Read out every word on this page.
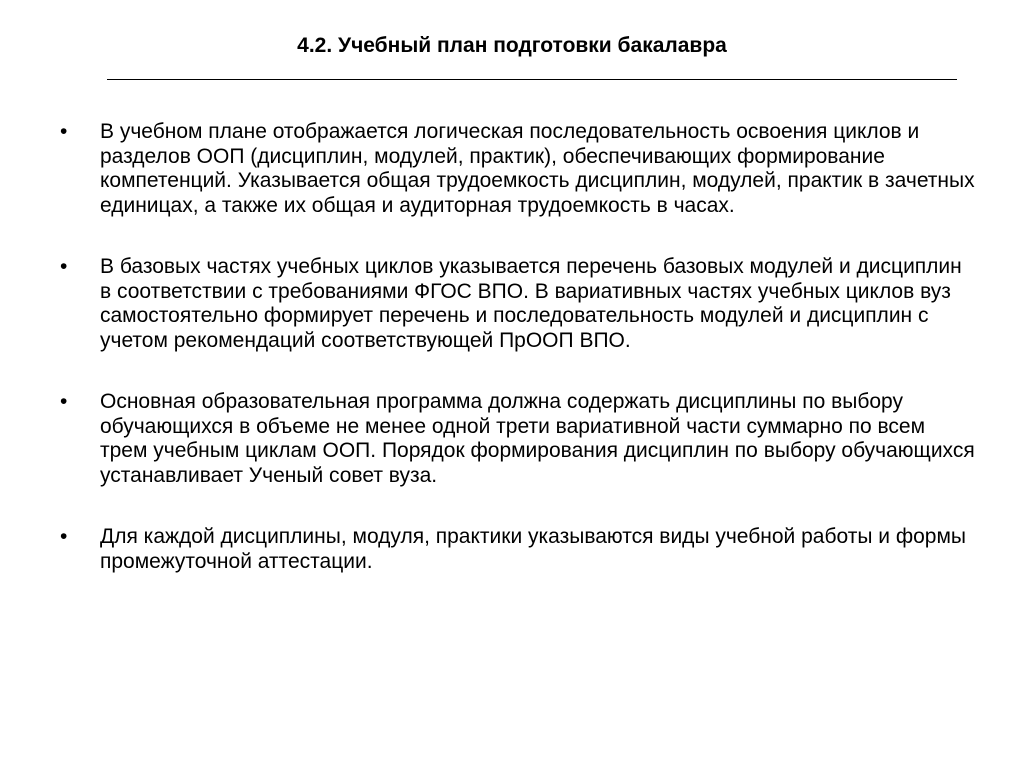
4.2. Учебный план подготовки бакалавра
• В учебном плане отображается логическая последовательность освоения циклов и разделов ООП (дисциплин, модулей, практик), обеспечивающих формирование компетенций. Указывается общая трудоемкость дисциплин, модулей, практик в зачетных единицах, а также их общая и аудиторная трудоемкость в часах.
• В базовых частях учебных циклов указывается перечень базовых модулей и дисциплин в соответствии с требованиями ФГОС ВПО. В вариативных частях учебных циклов вуз самостоятельно формирует перечень и последовательность модулей и дисциплин с учетом рекомендаций соответствующей ПрООП ВПО.
• Основная образовательная программа должна содержать дисциплины по выбору обучающихся в объеме не менее одной трети вариативной части суммарно по всем трем учебным циклам ООП. Порядок формирования дисциплин по выбору обучающихся устанавливает Ученый совет вуза.
• Для каждой дисциплины, модуля, практики указываются виды учебной работы и формы промежуточной аттестации.
